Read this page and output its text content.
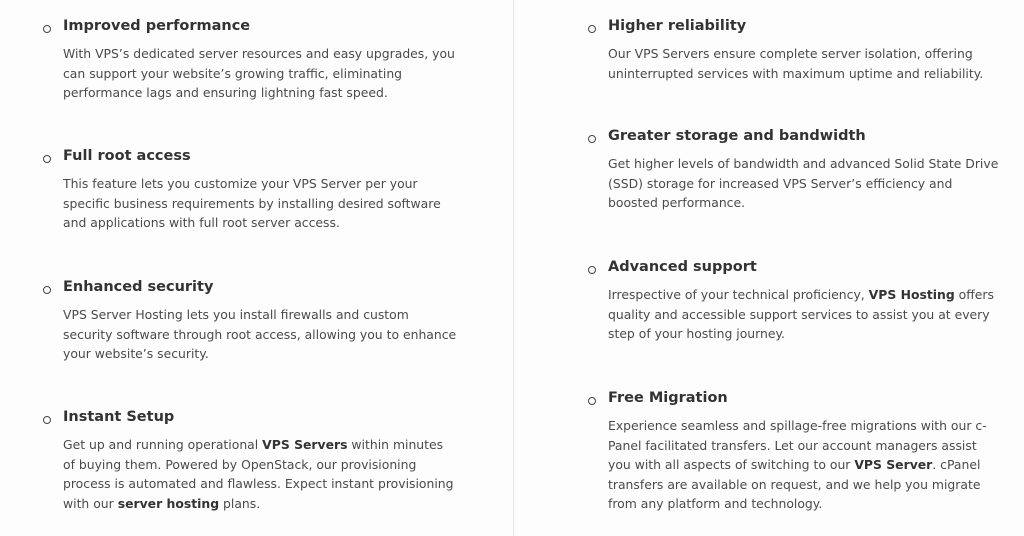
Improved performance
With VPS’s dedicated server resources and easy upgrades, you can support your website’s growing traffic, eliminating performance lags and ensuring lightning fast speed.
Full root access
This feature lets you customize your VPS Server per your specific business requirements by installing desired software and applications with full root server access.
Enhanced security
VPS Server Hosting lets you install firewalls and custom security software through root access, allowing you to enhance your website’s security.
Instant Setup
Get up and running operational VPS Servers within minutes of buying them. Powered by OpenStack, our provisioning process is automated and flawless. Expect instant provisioning with our server hosting plans.
Higher reliability
Our VPS Servers ensure complete server isolation, offering uninterrupted services with maximum uptime and reliability.
Greater storage and bandwidth
Get higher levels of bandwidth and advanced Solid State Drive (SSD) storage for increased VPS Server’s efficiency and boosted performance.
Advanced support
Irrespective of your technical proficiency, VPS Hosting offers quality and accessible support services to assist you at every step of your hosting journey.
Free Migration
Experience seamless and spillage-free migrations with our c-Panel facilitated transfers. Let our account managers assist you with all aspects of switching to our VPS Server. cPanel transfers are available on request, and we help you migrate from any platform and technology.
